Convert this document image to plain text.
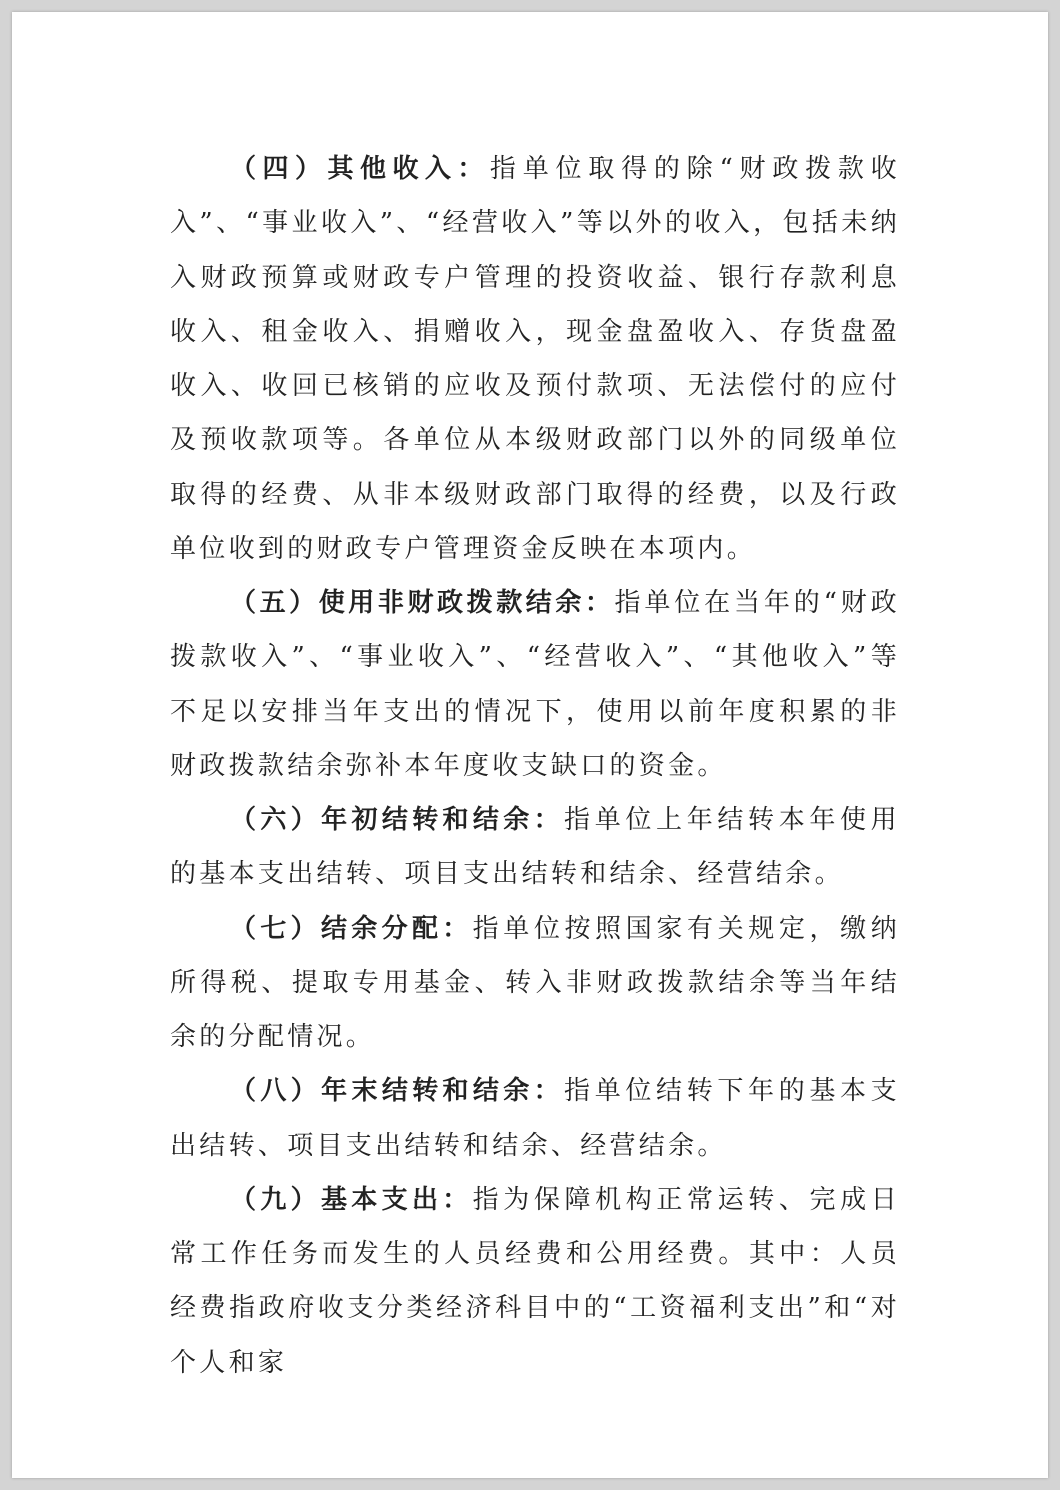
（四）其他收入：指单位取得的除“财政拨款收入”、“事业收入”、“经营收入”等以外的收入，包括未纳入财政预算或财政专户管理的投资收益、银行存款利息收入、租金收入、捐赠收入，现金盘盈收入、存货盘盈收入、收回已核销的应收及预付款项、无法偿付的应付及预收款项等。各单位从本级财政部门以外的同级单位取得的经费、从非本级财政部门取得的经费，以及行政单位收到的财政专户管理资金反映在本项内。

（五）使用非财政拨款结余：指单位在当年的“财政拨款收入”、“事业收入”、“经营收入”、“其他收入”等不足以安排当年支出的情况下，使用以前年度积累的非财政拨款结余弥补本年度收支缺口的资金。

（六）年初结转和结余：指单位上年结转本年使用的基本支出结转、项目支出结转和结余、经营结余。

（七）结余分配：指单位按照国家有关规定，缴纳所得税、提取专用基金、转入非财政拨款结余等当年结余的分配情况。

（八）年末结转和结余：指单位结转下年的基本支出结转、项目支出结转和结余、经营结余。

（九）基本支出：指为保障机构正常运转、完成日常工作任务而发生的人员经费和公用经费。其中：人员经费指政府收支分类经济科目中的“工资福利支出”和“对个人和家
